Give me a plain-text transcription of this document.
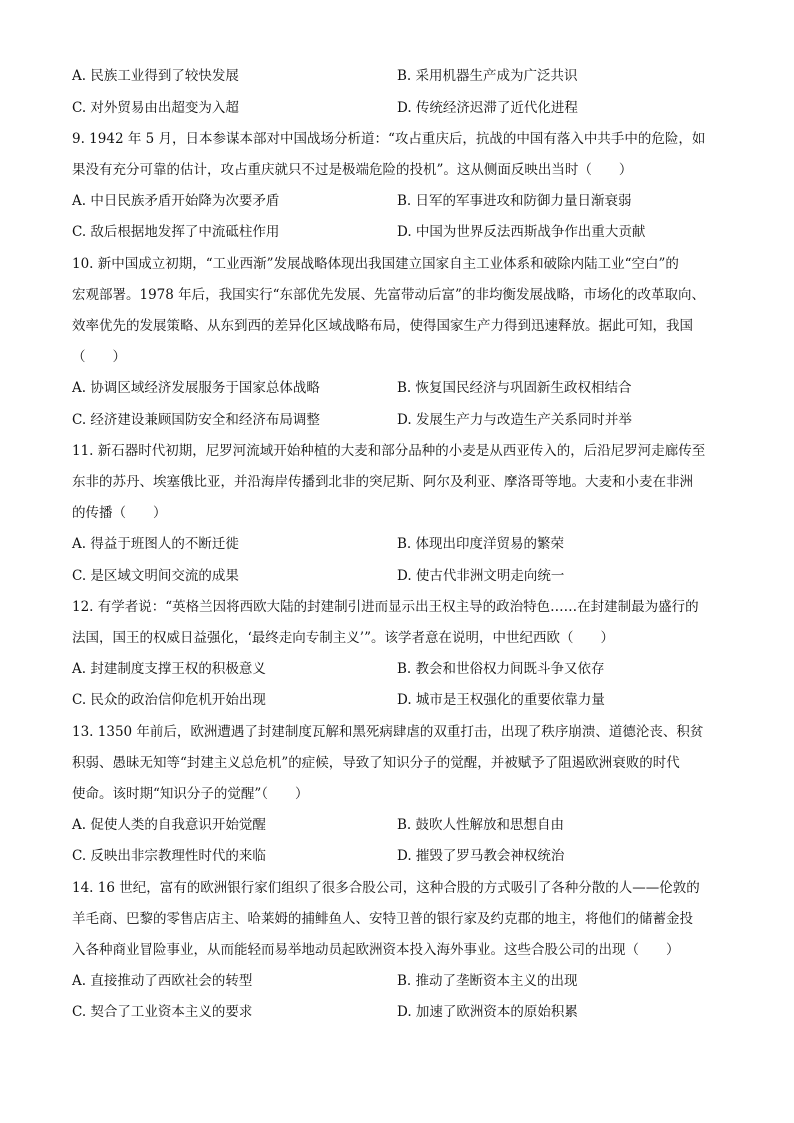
A. 民族工业得到了较快发展	B. 采用机器生产成为广泛共识
C. 对外贸易由出超变为入超	D. 传统经济迟滞了近代化进程
9. 1942 年 5 月，日本参谋本部对中国战场分析道：“攻占重庆后，抗战的中国有落入中共手中的危险，如
果没有充分可靠的估计，攻占重庆就只不过是极端危险的投机”。这从侧面反映出当时（　　）
A. 中日民族矛盾开始降为次要矛盾	B. 日军的军事进攻和防御力量日渐衰弱
C. 敌后根据地发挥了中流砥柱作用	D. 中国为世界反法西斯战争作出重大贡献
10. 新中国成立初期，“工业西渐”发展战略体现出我国建立国家自主工业体系和破除内陆工业“空白”的
宏观部署。1978 年后，我国实行“东部优先发展、先富带动后富”的非均衡发展战略，市场化的改革取向、
效率优先的发展策略、从东到西的差异化区域战略布局，使得国家生产力得到迅速释放。据此可知，我国
（　　）
A. 协调区域经济发展服务于国家总体战略	B. 恢复国民经济与巩固新生政权相结合
C. 经济建设兼顾国防安全和经济布局调整	D. 发展生产力与改造生产关系同时并举
11. 新石器时代初期，尼罗河流域开始种植的大麦和部分品种的小麦是从西亚传入的，后沿尼罗河走廊传至
东非的苏丹、埃塞俄比亚，并沿海岸传播到北非的突尼斯、阿尔及利亚、摩洛哥等地。大麦和小麦在非洲
的传播（　　）
A. 得益于班图人的不断迁徙	B. 体现出印度洋贸易的繁荣
C. 是区域文明间交流的成果	D. 使古代非洲文明走向统一
12. 有学者说：“英格兰因将西欧大陆的封建制引进而显示出王权主导的政治特色……在封建制最为盛行的
法国，国王的权威日益强化，‘最终走向专制主义’”。该学者意在说明，中世纪西欧（　　）
A. 封建制度支撑王权的积极意义	B. 教会和世俗权力间既斗争又依存
C. 民众的政治信仰危机开始出现	D. 城市是王权强化的重要依靠力量
13. 1350 年前后，欧洲遭遇了封建制度瓦解和黑死病肆虐的双重打击，出现了秩序崩溃、道德沦丧、积贫
积弱、愚昧无知等“封建主义总危机”的症候，导致了知识分子的觉醒，并被赋予了阻遏欧洲衰败的时代
使命。该时期“知识分子的觉醒”（　　）
A. 促使人类的自我意识开始觉醒	B. 鼓吹人性解放和思想自由
C. 反映出非宗教理性时代的来临	D. 摧毁了罗马教会神权统治
14. 16 世纪，富有的欧洲银行家们组织了很多合股公司，这种合股的方式吸引了各种分散的人——伦敦的
羊毛商、巴黎的零售店店主、哈莱姆的捕鲱鱼人、安特卫普的银行家及约克郡的地主，将他们的储蓄金投
入各种商业冒险事业，从而能轻而易举地动员起欧洲资本投入海外事业。这些合股公司的出现（　　）
A. 直接推动了西欧社会的转型	B. 推动了垄断资本主义的出现
C. 契合了工业资本主义的要求	D. 加速了欧洲资本的原始积累
